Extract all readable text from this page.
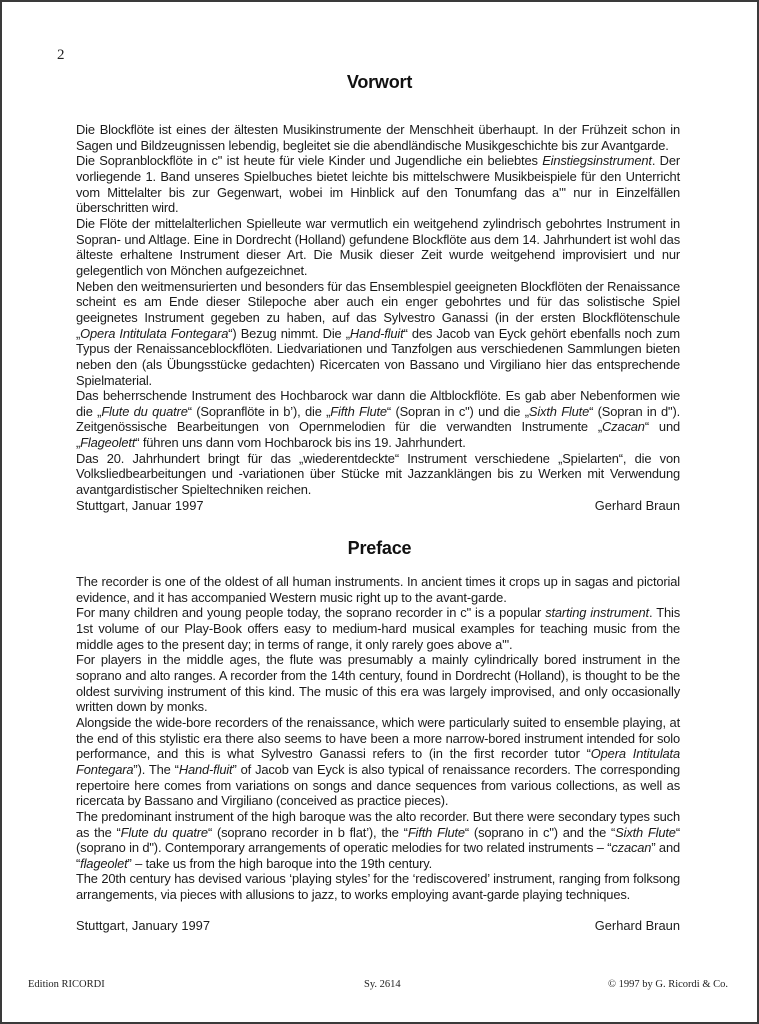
2
Vorwort

Die Blockflöte ist eines der ältesten Musikinstrumente der Menschheit überhaupt. In der Frühzeit schon in Sagen und Bildzeugnissen lebendig, begleitet sie die abendländische Musikgeschichte bis zur Avantgarde.

Die Sopranblockflöte in c" ist heute für viele Kinder und Jugendliche ein beliebtes Einstiegsinstrument. Der vorliegende 1. Band unseres Spielbuches bietet leichte bis mittelschwere Musikbeispiele für den Unterricht vom Mittelalter bis zur Gegenwart, wobei im Hinblick auf den Tonumfang das a''' nur in Einzelfällen überschritten wird.

Die Flöte der mittelalterlichen Spielleute war vermutlich ein weitgehend zylindrisch gebohrtes Instrument in Sopran- und Altlage. Eine in Dordrecht (Holland) gefundene Blockflöte aus dem 14. Jahrhundert ist wohl das älteste erhaltene Instrument dieser Art. Die Musik dieser Zeit wurde weitgehend improvisiert und nur gelegentlich von Mönchen aufgezeichnet.

Neben den weitmensurierten und besonders für das Ensemblespiel geeigneten Blockflöten der Renaissance scheint es am Ende dieser Stilepoche aber auch ein enger gebohrtes und für das solistische Spiel geeignetes Instrument gegeben zu haben, auf das Sylvestro Ganassi (in der ersten Blockflötenschule „Opera Intitulata Fontegara“) Bezug nimmt. Die „Hand-fluit“ des Jacob van Eyck gehört ebenfalls noch zum Typus der Renaissanceblockflöten. Liedvariationen und Tanzfolgen aus verschiedenen Sammlungen bieten neben den (als Übungsstücke gedachten) Ricercaten von Bassano und Virgiliano hier das entsprechende Spielmaterial.

Das beherrschende Instrument des Hochbarock war dann die Altblockflöte. Es gab aber Nebenformen wie die „Flute du quatre“ (Sopranflöte in b’), die „Fifth Flute“ (Sopran in c") und die „Sixth Flute“ (Sopran in d"). Zeitgenössische Bearbeitungen von Opernmelodien für die verwandten Instrumente „Czacan“ und „Flageolett“ führen uns dann vom Hochbarock bis ins 19. Jahrhundert.

Das 20. Jahrhundert bringt für das „wiederentdeckte“ Instrument verschiedene „Spielarten“, die von Volksliedbearbeitungen und -variationen über Stücke mit Jazzanklängen bis zu Werken mit Verwendung avantgardistischer Spieltechniken reichen.

Stuttgart, Januar 1997	Gerhard Braun
Preface

The recorder is one of the oldest of all human instruments. In ancient times it crops up in sagas and pictorial evidence, and it has accompanied Western music right up to the avant-garde.

For many children and young people today, the soprano recorder in c" is a popular starting instrument. This 1st volume of our Play-Book offers easy to medium-hard musical examples for teaching music from the middle ages to the present day; in terms of range, it only rarely goes above a'''.

For players in the middle ages, the flute was presumably a mainly cylindrically bored instrument in the soprano and alto ranges. A recorder from the 14th century, found in Dordrecht (Holland), is thought to be the oldest surviving instrument of this kind. The music of this era was largely improvised, and only occasionally written down by monks.

Alongside the wide-bore recorders of the renaissance, which were particularly suited to ensemble playing, at the end of this stylistic era there also seems to have been a more narrow-bored instrument intended for solo performance, and this is what Sylvestro Ganassi refers to (in the first recorder tutor “Opera Intitulata Fontegara”). The “Hand-fluit” of Jacob van Eyck is also typical of renaissance recorders. The corresponding repertoire here comes from variations on songs and dance sequences from various collections, as well as ricercata by Bassano and Virgiliano (conceived as practice pieces).

The predominant instrument of the high baroque was the alto recorder. But there were secondary types such as the “Flute du quatre“ (soprano recorder in b flat’), the “Fifth Flute“ (soprano in c") and the “Sixth Flute“ (soprano in d"). Contemporary arrangements of operatic melodies for two related instruments – “czacan” and “flageolet” – take us from the high baroque into the 19th century.

The 20th century has devised various ‘playing styles’ for the ‘rediscovered’ instrument, ranging from folksong arrangements, via pieces with allusions to jazz, to works employing avant-garde playing techniques.

Stuttgart, January 1997	Gerhard Braun
Edition RICORDI	Sy. 2614	© 1997 by G. Ricordi & Co.
